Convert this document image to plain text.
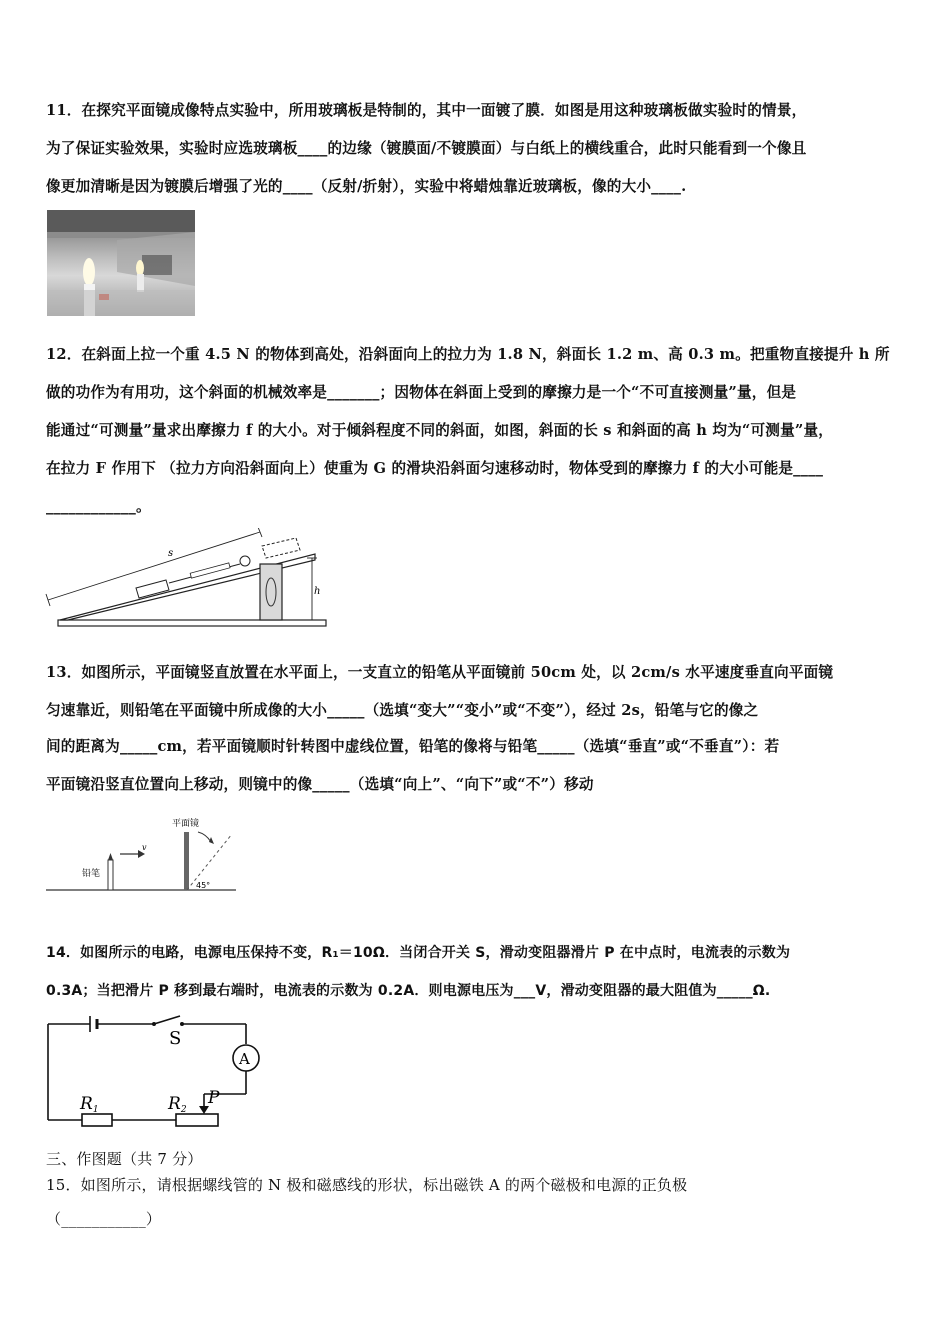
11．在探究平面镜成像特点实验中，所用玻璃板是特制的，其中一面镀了膜．如图是用这种玻璃板做实验时的情景，
为了保证实验效果，实验时应选玻璃板____的边缘（镀膜面/不镀膜面）与白纸上的横线重合，此时只能看到一个像且
像更加清晰是因为镀膜后增强了光的____（反射/折射），实验中将蜡烛靠近玻璃板，像的大小____.
12．在斜面上拉一个重 4.5 N 的物体到高处，沿斜面向上的拉力为 1.8 N，斜面长 1.2 m、高 0.3 m。把重物直接提升 h 所
做的功作为有用功，这个斜面的机械效率是_______；因物体在斜面上受到的摩擦力是一个“不可直接测量”量，但是
能通过“可测量”量求出摩擦力 f 的大小。对于倾斜程度不同的斜面，如图，斜面的长 s 和斜面的高 h 均为“可测量”量，
在拉力 F 作用下 （拉力方向沿斜面向上）使重为 G 的滑块沿斜面匀速移动时，物体受到的摩擦力 f 的大小可能是____
____________。
s
h
13．如图所示，平面镜竖直放置在水平面上，一支直立的铅笔从平面镜前 50cm 处，以 2cm/s 水平速度垂直向平面镜
匀速靠近，则铅笔在平面镜中所成像的大小_____（选填“变大”“变小”或“不变”），经过 2s，铅笔与它的像之
间的距离为_____cm，若平面镜顺时针转图中虚线位置，铅笔的像将与铅笔_____（选填“垂直”或“不垂直”）：若
平面镜沿竖直位置向上移动，则镜中的像_____（选填“向上”、“向下”或“不”）移动
平面镜
45°
铅笔
v
14．如图所示的电路，电源电压保持不变，R₁＝10Ω．当闭合开关 S，滑动变阻器滑片 P 在中点时，电流表的示数为
0.3A；当把滑片 P 移到最右端时，电流表的示数为 0.2A．则电源电压为___V，滑动变阻器的最大阻值为_____Ω.
S
A
R1	R2
P
三、作图题（共 7 分）
15．如图所示，请根据螺线管的 N 极和磁感线的形状，标出磁铁 A 的两个磁极和电源的正负极
（___________）
